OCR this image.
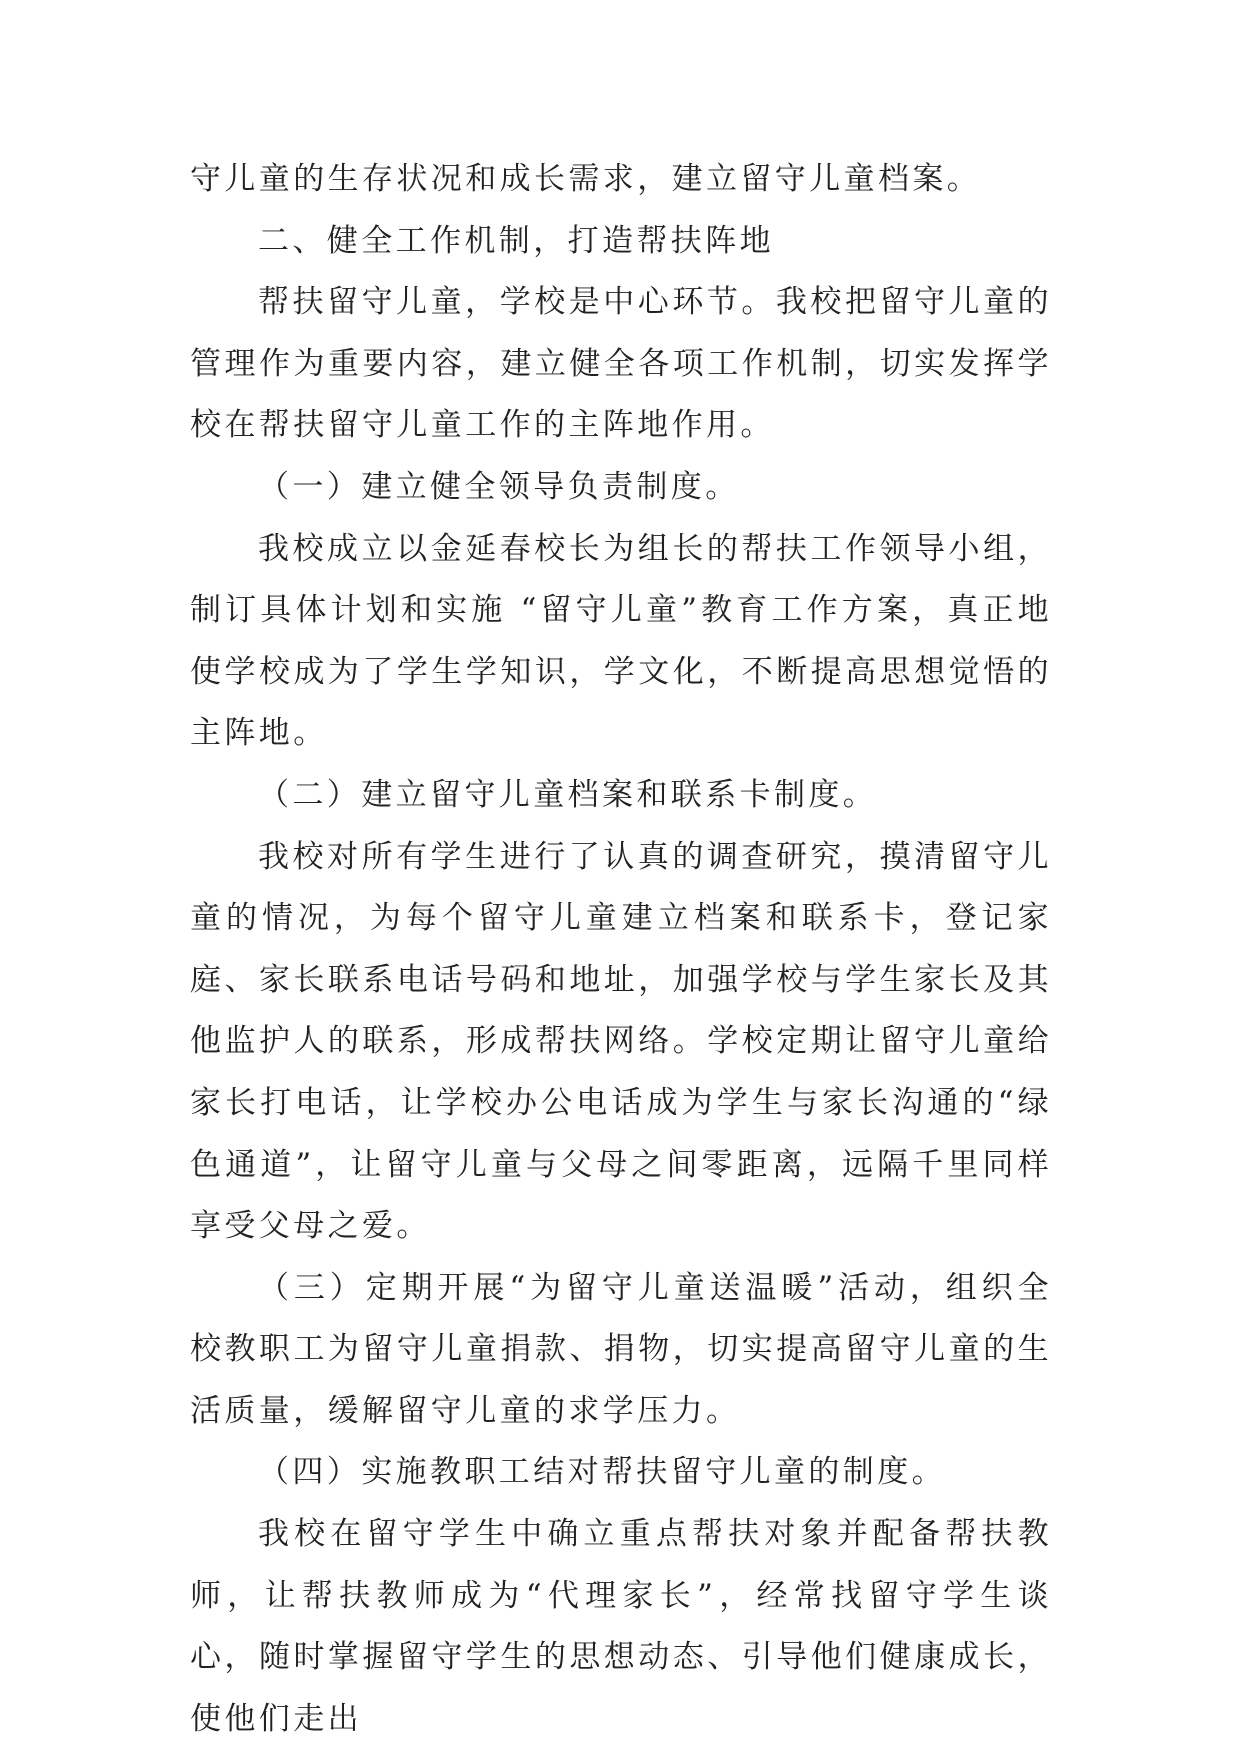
守儿童的生存状况和成长需求，建立留守儿童档案。

二、健全工作机制，打造帮扶阵地

帮扶留守儿童，学校是中心环节。我校把留守儿童的管理作为重要内容，建立健全各项工作机制，切实发挥学校在帮扶留守儿童工作的主阵地作用。

（一）建立健全领导负责制度。

我校成立以金延春校长为组长的帮扶工作领导小组，制订具体计划和实施 “留守儿童”教育工作方案，真正地使学校成为了学生学知识，学文化，不断提高思想觉悟的主阵地。

（二）建立留守儿童档案和联系卡制度。

我校对所有学生进行了认真的调查研究，摸清留守儿童的情况，为每个留守儿童建立档案和联系卡，登记家庭、家长联系电话号码和地址，加强学校与学生家长及其他监护人的联系，形成帮扶网络。学校定期让留守儿童给家长打电话，让学校办公电话成为学生与家长沟通的“绿色通道”，让留守儿童与父母之间零距离，远隔千里同样享受父母之爱。

（三）定期开展“为留守儿童送温暖”活动，组织全校教职工为留守儿童捐款、捐物，切实提高留守儿童的生活质量，缓解留守儿童的求学压力。

（四）实施教职工结对帮扶留守儿童的制度。

我校在留守学生中确立重点帮扶对象并配备帮扶教师，让帮扶教师成为“代理家长”，经常找留守学生谈心，随时掌握留守学生的思想动态、引导他们健康成长，使他们走出
